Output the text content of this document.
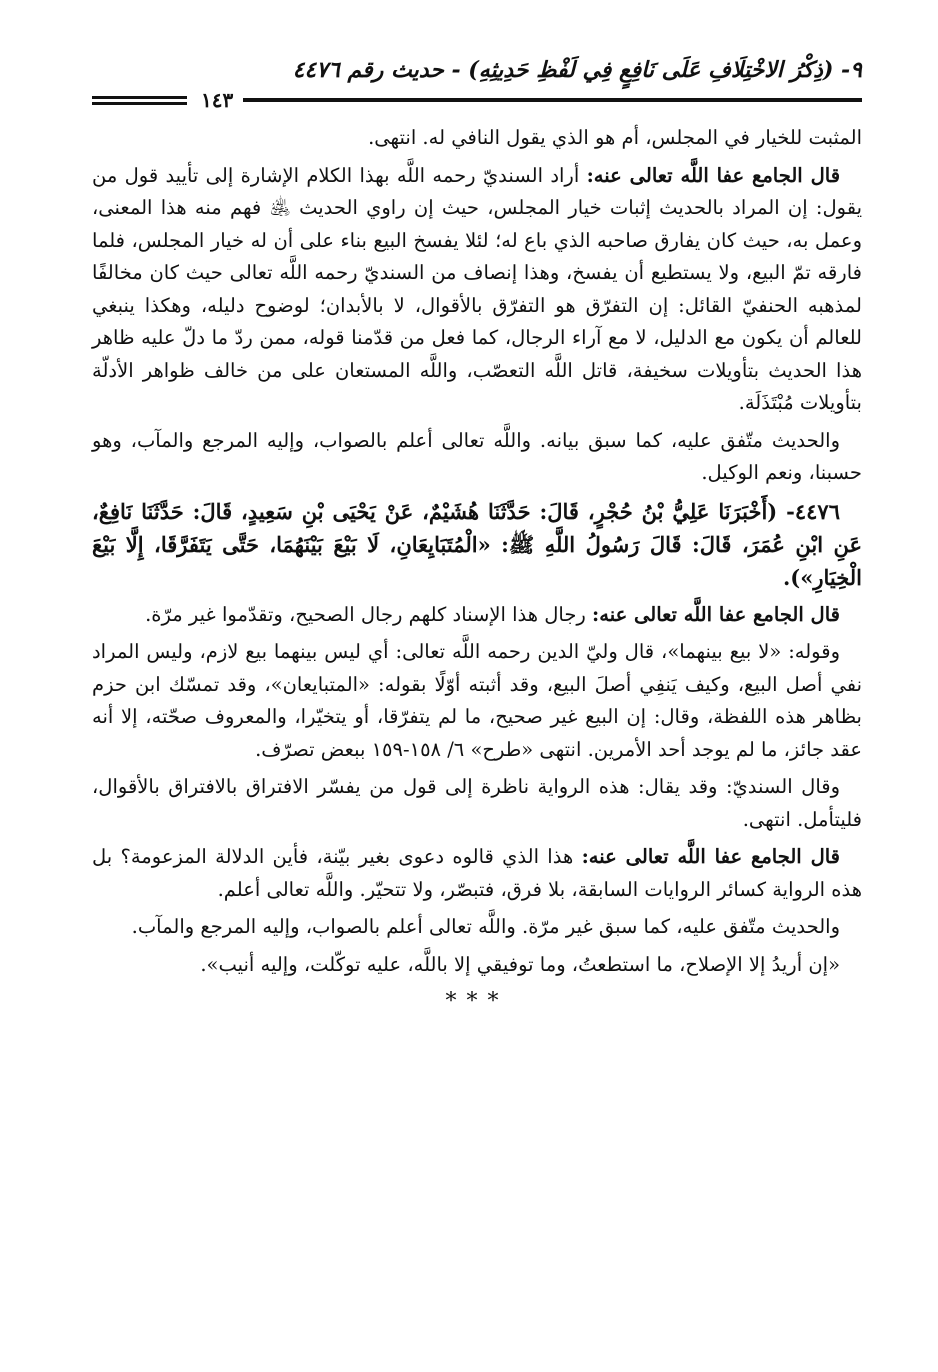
٩- (ذِكْرُ الاخْتِلَافِ عَلَى نَافِعٍ فِي لَفْظِ حَدِيثِهِ) - حديث رقم ٤٤٧٦
١٤٣

المثبت للخيار في المجلس، أم هو الذي يقول النافي له. انتهى.

قال الجامع عفا اللَّه تعالى عنه: أراد السنديّ رحمه اللَّه بهذا الكلام الإشارة إلى تأييد قول من يقول: إن المراد بالحديث إثبات خيار المجلس، حيث إن راوي الحديث ﵁ فهم منه هذا المعنى، وعمل به، حيث كان يفارق صاحبه الذي باع له؛ لئلا يفسخ البيع بناء على أن له خيار المجلس، فلما فارقه تمّ البيع، ولا يستطيع أن يفسخ، وهذا إنصاف من السنديّ رحمه اللَّه تعالى حيث كان مخالفًا لمذهبه الحنفيّ القائل: إن التفرّق هو التفرّق بالأقوال، لا بالأبدان؛ لوضوح دليله، وهكذا ينبغي للعالم أن يكون مع الدليل، لا مع آراء الرجال، كما فعل من قدّمنا قوله، ممن ردّ ما دلّ عليه ظاهر هذا الحديث بتأويلات سخيفة، قاتل اللَّه التعصّب، واللَّه المستعان على من خالف ظواهر الأدلّة بتأويلات مُبْتَذَلَة.

والحديث متّفق عليه، كما سبق بيانه. واللَّه تعالى أعلم بالصواب، وإليه المرجع والمآب، وهو حسبنا، ونعم الوكيل.

٤٤٧٦- (أَخْبَرَنَا عَلِيُّ بْنُ حُجْرٍ، قَالَ: حَدَّثَنَا هُشَيْمٌ، عَنْ يَحْيَى بْنِ سَعِيدٍ، قَالَ: حَدَّثَنَا نَافِعٌ، عَنِ ابْنِ عُمَرَ، قَالَ: قَالَ رَسُولُ اللَّهِ ﷺ: «الْمُتَبَايِعَانِ، لَا بَيْعَ بَيْنَهُمَا، حَتَّى يَتَفَرَّقَا، إِلَّا بَيْعَ الْخِيَارِ»).

قال الجامع عفا اللَّه تعالى عنه: رجال هذا الإسناد كلهم رجال الصحيح، وتقدّموا غير مرّة.

وقوله: «لا بيع بينهما»، قال وليّ الدين رحمه اللَّه تعالى: أي ليس بينهما بيع لازم، وليس المراد نفي أصل البيع، وكيف يَنفِي أصلَ البيع، وقد أثبته أوّلًا بقوله: «المتبايعان»، وقد تمسّك ابن حزم بظاهر هذه اللفظة، وقال: إن البيع غير صحيح، ما لم يتفرّقا، أو يتخيّرا، والمعروف صحّته، إلا أنه عقد جائز، ما لم يوجد أحد الأمرين. انتهى «طرح» ٦/ ١٥٨-١٥٩ ببعض تصرّف.

وقال السنديّ: وقد يقال: هذه الرواية ناظرة إلى قول من يفسّر الافتراق بالافتراق بالأقوال، فليتأمل. انتهى.

قال الجامع عفا اللَّه تعالى عنه: هذا الذي قالوه دعوى بغير بيّنة، فأين الدلالة المزعومة؟ بل هذه الرواية كسائر الروايات السابقة، بلا فرق، فتبصّر، ولا تتحيّر. واللَّه تعالى أعلم.

والحديث متّفق عليه، كما سبق غير مرّة. واللَّه تعالى أعلم بالصواب، وإليه المرجع والمآب.

«إن أريدُ إلا الإصلاح، ما استطعتُ، وما توفيقي إلا باللَّه، عليه توكّلت، وإليه أنيب».

***
